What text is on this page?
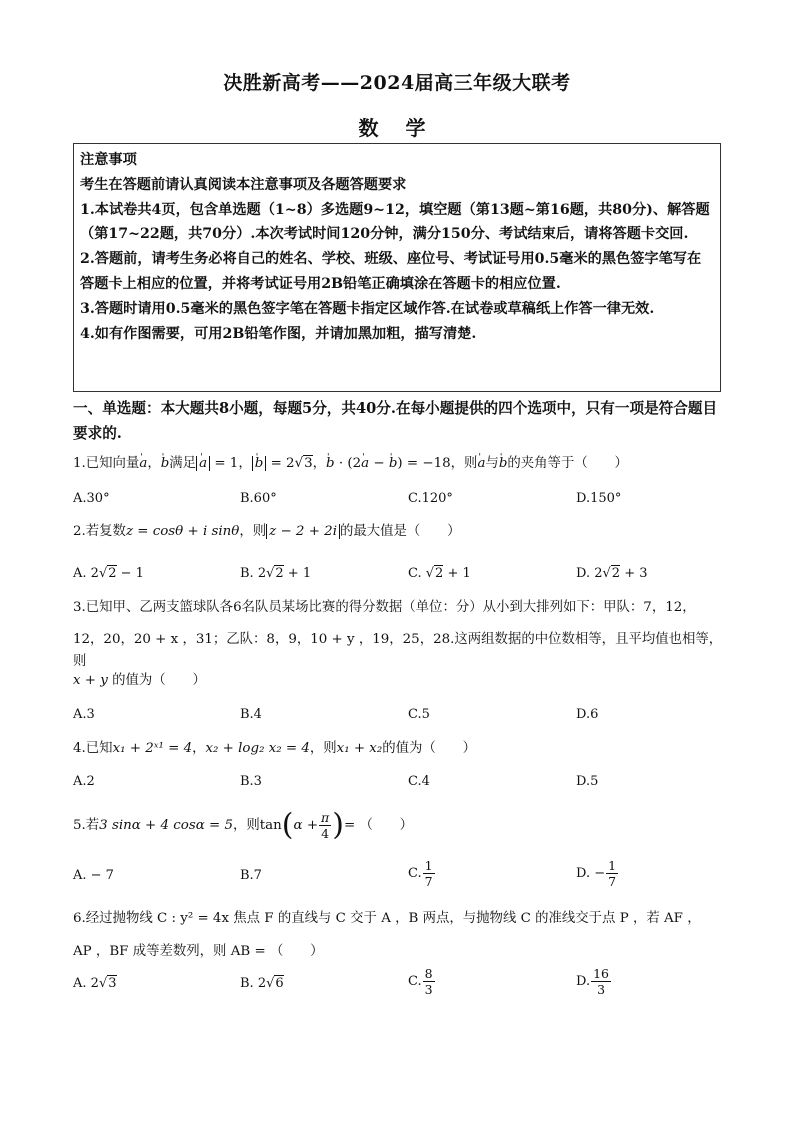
决胜新高考——2024届高三年级大联考
数 学

注意事项

考生在答题前请认真阅读本注意事项及各题答题要求

1.本试卷共4页，包含单选题（1~8）多选题9~12，填空题（第13题~第16题，共80分)、解答题（第17~22题，共70分）.本次考试时间120分钟，满分150分、考试结束后，请将答题卡交回.

2.答题前，请考生务必将自己的姓名、学校、班级、座位号、考试证号用0.5毫米的黑色签字笔写在答题卡上相应的位置，并将考试证号用2B铅笔正确填涂在答题卡的相应位置.

3.答题时请用0.5毫米的黑色签字笔在答题卡指定区域作答.在试卷或草稿纸上作答一律无效.

4.如有作图需要，可用2B铅笔作图，并请加黑加粗，描写清楚.

一、单选题：本大题共8小题，每题5分，共40分.在每小题提供的四个选项中，只有一项是符合题目要求的.
1.已知向量' a，' b满足 ' a = 1， ' b = 2√3，' b · (2' a − ' b) = −18，则' a与' b的夹角等于（　　）
A.30°	B.60°	C.120°	D.150°
2.若复数z = cosθ + i sinθ，则 z − 2 + 2i 的最大值是（　　）
A. 2√2 − 1	B. 2√2 + 1	C. √2 + 1	D. 2√2 + 3
3.已知甲、乙两支篮球队各6名队员某场比赛的得分数据（单位：分）从小到大排列如下：甲队：7，12，
12，20，20 + x ，31；乙队：8，9，10 + y ，19，25，28.这两组数据的中位数相等，且平均值也相等，则
x + y 的值为（　　）
A.3	B.4	C.5	D.6
4.已知x₁ + 2ˣ¹ = 4，x₂ + log₂ x₂ = 4，则x₁ + x₂的值为（　　）
A.2	B.3	C.4	D.5
5.若3 sinα + 4 cosα = 5，则$\tan(\alpha + \frac{\pi}{4}$ )= （　　）
A. − 7	B.7	C. $\frac{1}{7}$	D. − $\frac{1}{7}$
6.经过抛物线 C : y² = 4x 焦点 F 的直线与 C 交于 A ，B 两点，与抛物线 C 的准线交于点 P ，若 AF ，
AP ，BF 成等差数列，则 AB = （　　）
A. 2√3	B. 2√6	C. $\frac{8}{3}$	D. $\frac{16}{3}$
